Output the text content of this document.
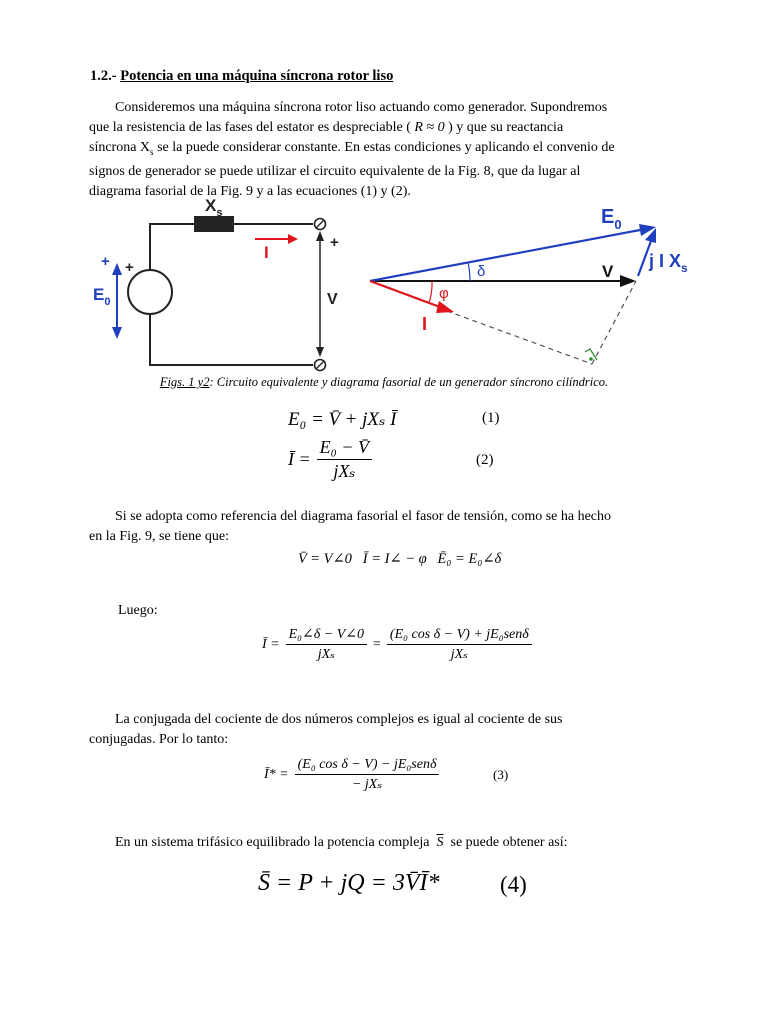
1.2.- Potencia en una máquina síncrona rotor liso
Consideremos una máquina síncrona rotor liso actuando como generador. Supondremos
que la resistencia de las fases del estator es despreciable ( R ≈ 0 ) y que su reactancia
síncrona $X_s$ se la puede considerar constante. En estas condiciones y aplicando el convenio de
signos de generador se puede utilizar el circuito equivalente de la Fig. 8, que da lugar al
diagrama fasorial de la Fig. 9 y a las ecuaciones (1) y (2).
$X_s$
I
+ +
+
$E_0$	V
$E_0$
V
j I $X_s$
I
δ
φ
Figs. 1 y2: Circuito equivalente y diagrama fasorial de un generador síncrono cilíndrico.
E₀ = V̄ + jXₛ Ī	(1)
Ī = $\frac{\text{E₀ − V̄}}{\text{jXₛ}}$	(2)
Si se adopta como referencia del diagrama fasorial el fasor de tensión, como se ha hecho
en la Fig. 9, se tiene que:
V̄ = V∠0   Ī = I∠ − φ   Ē₀ = E₀∠δ
Luego:
Ī = $\frac{\text{E₀∠δ − V∠0}}{\text{jXₛ}} = \frac{\text{(E₀ cos δ − V) + jE₀senδ}}{\text{jXₛ}}$
La conjugada del cociente de dos números complejos es igual al cociente de sus
conjugadas. Por lo tanto:
Ī* = $\frac{\text{(E₀ cos δ − V) − jE₀senδ}}{\text{− jXₛ}}$	(3)
En un sistema trifásico equilibrado la potencia compleja $\overline{S}$ se puede obtener así:
S̄ = P + jQ = 3V̄Ī*	(4)
